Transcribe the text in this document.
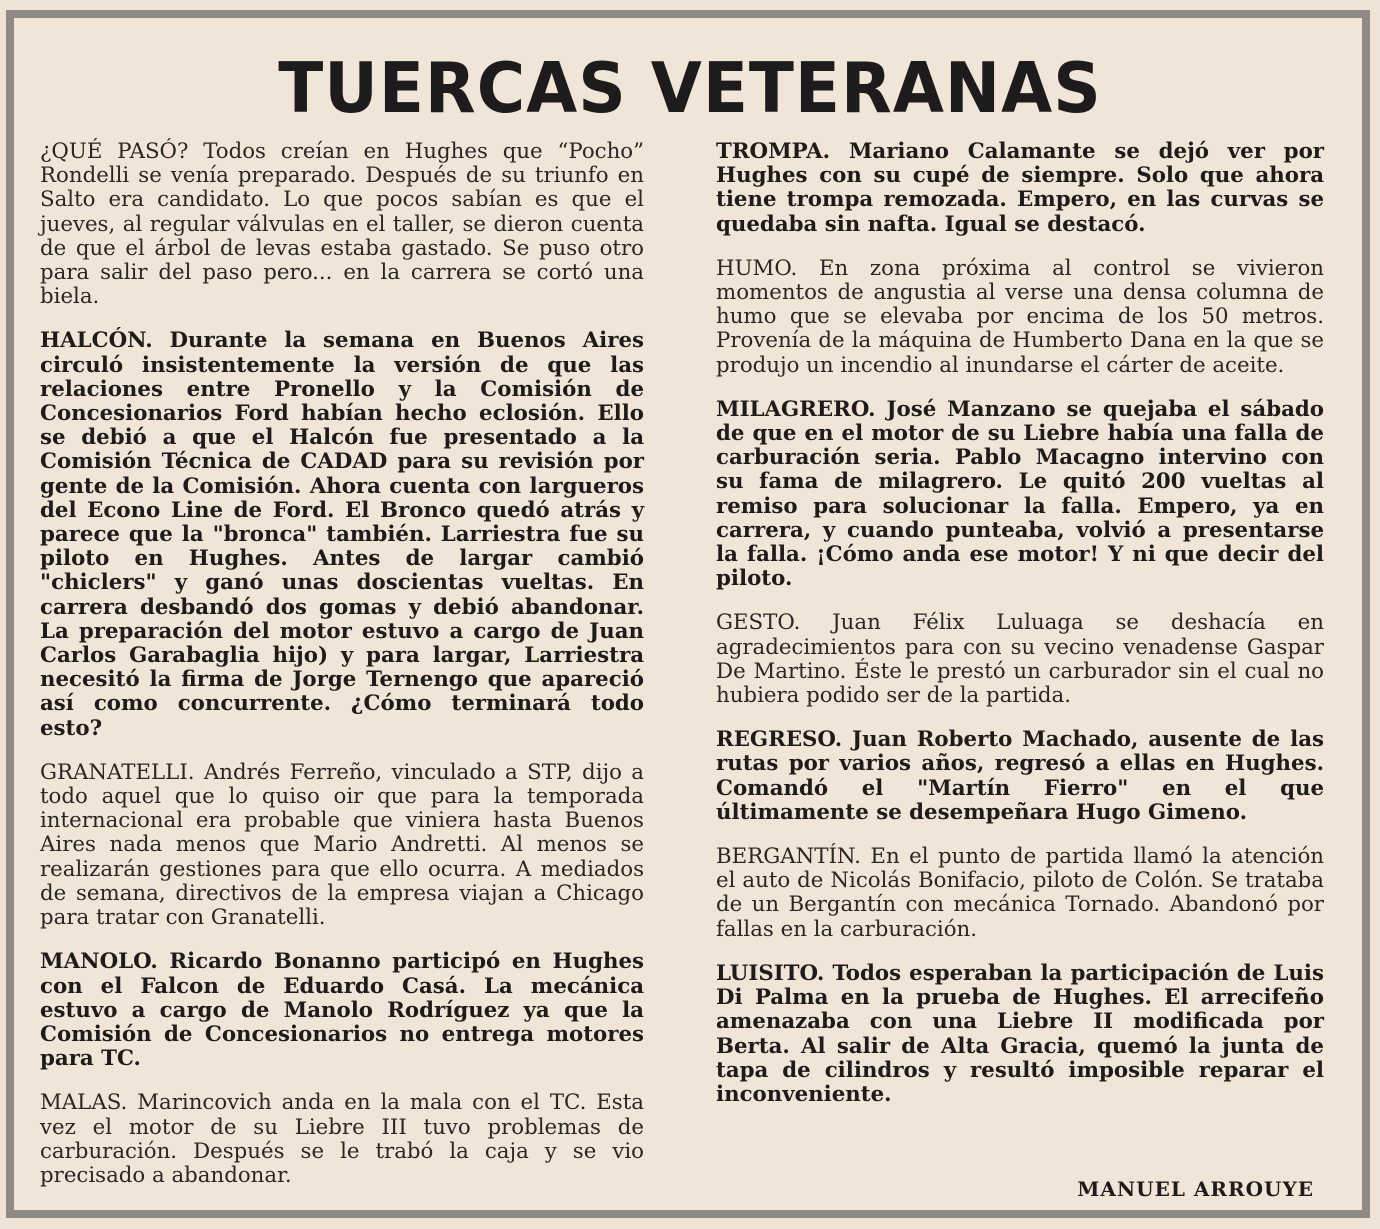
TUERCAS VETERANAS

¿QUÉ PASÓ? Todos creían en Hughes que “Pocho” Rondelli se venía preparado. Después de su triunfo en Salto era candidato. Lo que pocos sabían es que el jueves, al regular válvulas en el taller, se dieron cuenta de que el árbol de levas estaba gastado. Se puso otro para salir del paso pero... en la carrera se cortó una biela.

HALCÓN. Durante la semana en Buenos Aires circuló insistentemente la versión de que las relaciones entre Pronello y la Comisión de Concesionarios Ford habían hecho eclosión. Ello se debió a que el Halcón fue presentado a la Comisión Técnica de CADAD para su revisión por gente de la Comisión. Ahora cuenta con largueros del Econo Line de Ford. El Bronco quedó atrás y parece que la "bronca" también. Larriestra fue su piloto en Hughes. Antes de largar cambió "chiclers" y ganó unas doscientas vueltas. En carrera desbandó dos gomas y debió abandonar. La preparación del motor estuvo a cargo de Juan Carlos Garabaglia hijo) y para largar, Larriestra necesitó la firma de Jorge Ternengo que apareció así como concurrente. ¿Cómo terminará todo esto?

GRANATELLI. Andrés Ferreño, vinculado a STP, dijo a todo aquel que lo quiso oir que para la temporada internacional era probable que viniera hasta Buenos Aires nada menos que Mario Andretti. Al menos se realizarán gestiones para que ello ocurra. A mediados de semana, directivos de la empresa viajan a Chicago para tratar con Granatelli.

MANOLO. Ricardo Bonanno participó en Hughes con el Falcon de Eduardo Casá. La mecánica estuvo a cargo de Manolo Rodríguez ya que la Comisión de Concesionarios no entrega motores para TC.

MALAS. Marincovich anda en la mala con el TC. Esta vez el motor de su Liebre III tuvo problemas de carburación. Después se le trabó la caja y se vio precisado a abandonar.

TROMPA. Mariano Calamante se dejó ver por Hughes con su cupé de siempre. Solo que ahora tiene trompa remozada. Empero, en las curvas se quedaba sin nafta. Igual se destacó.

HUMO. En zona próxima al control se vivieron momentos de angustia al verse una densa columna de humo que se elevaba por encima de los 50 metros. Provenía de la máquina de Humberto Dana en la que se produjo un incendio al inundarse el cárter de aceite.

MILAGRERO. José Manzano se quejaba el sábado de que en el motor de su Liebre había una falla de carburación seria. Pablo Macagno intervino con su fama de milagrero. Le quitó 200 vueltas al remiso para solucionar la falla. Empero, ya en carrera, y cuando punteaba, volvió a presentarse la falla. ¡Cómo anda ese motor! Y ni que decir del piloto.

GESTO. Juan Félix Luluaga se deshacía en agradecimientos para con su vecino venadense Gaspar De Martino. Éste le prestó un carburador sin el cual no hubiera podido ser de la partida.

REGRESO. Juan Roberto Machado, ausente de las rutas por varios años, regresó a ellas en Hughes. Comandó el "Martín Fierro" en el que últimamente se desempeñara Hugo Gimeno.

BERGANTÍN. En el punto de partida llamó la atención el auto de Nicolás Bonifacio, piloto de Colón. Se trataba de un Bergantín con mecánica Tornado. Abandonó por fallas en la carburación.

LUISITO. Todos esperaban la participación de Luis Di Palma en la prueba de Hughes. El arrecifeño amenazaba con una Liebre II modificada por Berta. Al salir de Alta Gracia, quemó la junta de tapa de cilindros y resultó imposible reparar el inconveniente.

MANUEL ARROUYE
